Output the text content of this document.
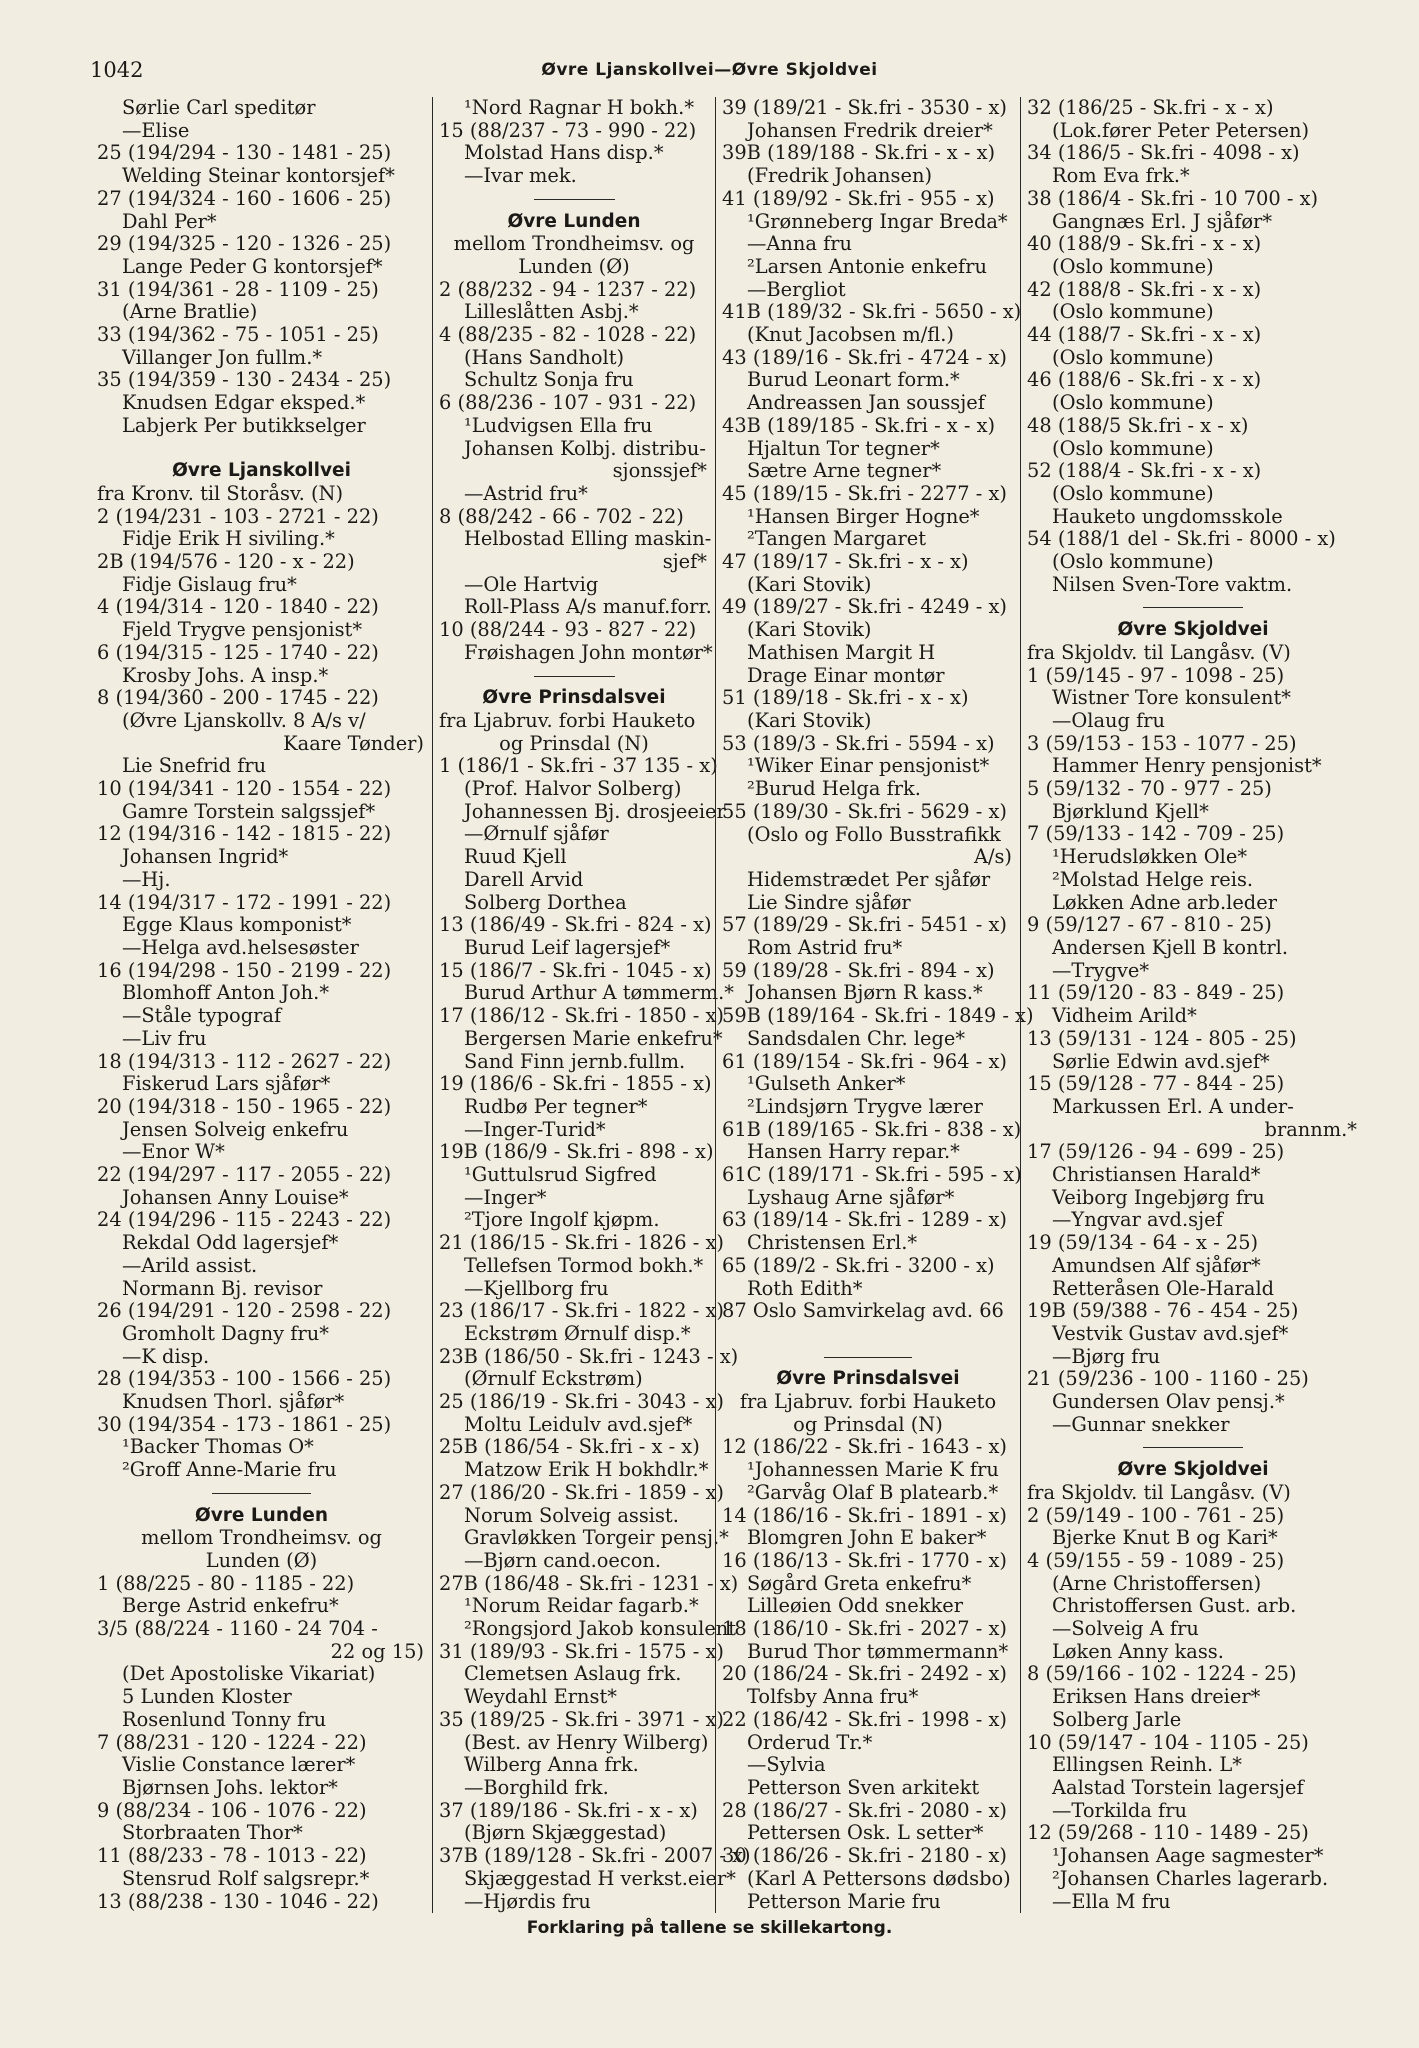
1042	Øvre Ljanskollvei—Øvre Skjoldvei
Sørlie Carl speditør
—Elise
25 (194/294 - 130 - 1481 - 25)
Welding Steinar kontorsjef*
27 (194/324 - 160 - 1606 - 25)
Dahl Per*
29 (194/325 - 120 - 1326 - 25)
Lange Peder G kontorsjef*
31 (194/361 - 28 - 1109 - 25)
(Arne Bratlie)
33 (194/362 - 75 - 1051 - 25)
Villanger Jon fullm.*
35 (194/359 - 130 - 2434 - 25)
Knudsen Edgar eksped.*
Labjerk Per butikkselger
Øvre Ljanskollvei
fra Kronv. til Storåsv. (N)
2 (194/231 - 103 - 2721 - 22)
Fidje Erik H siviling.*
2B (194/576 - 120 - x - 22)
Fidje Gislaug fru*
4 (194/314 - 120 - 1840 - 22)
Fjeld Trygve pensjonist*
6 (194/315 - 125 - 1740 - 22)
Krosby Johs. A insp.*
8 (194/360 - 200 - 1745 - 22)
(Øvre Ljanskollv. 8 A/s v/
Kaare Tønder)
Lie Snefrid fru
10 (194/341 - 120 - 1554 - 22)
Gamre Torstein salgssjef*
12 (194/316 - 142 - 1815 - 22)
Johansen Ingrid*
—Hj.
14 (194/317 - 172 - 1991 - 22)
Egge Klaus komponist*
—Helga avd.helsesøster
16 (194/298 - 150 - 2199 - 22)
Blomhoff Anton Joh.*
—Ståle typograf
—Liv fru
18 (194/313 - 112 - 2627 - 22)
Fiskerud Lars sjåfør*
20 (194/318 - 150 - 1965 - 22)
Jensen Solveig enkefru
—Enor W*
22 (194/297 - 117 - 2055 - 22)
Johansen Anny Louise*
24 (194/296 - 115 - 2243 - 22)
Rekdal Odd lagersjef*
—Arild assist.
Normann Bj. revisor
26 (194/291 - 120 - 2598 - 22)
Gromholt Dagny fru*
—K disp.
28 (194/353 - 100 - 1566 - 25)
Knudsen Thorl. sjåfør*
30 (194/354 - 173 - 1861 - 25)
¹Backer Thomas O*
²Groff Anne-Marie fru
Øvre Lunden
mellom Trondheimsv. og
Lunden (Ø)
1 (88/225 - 80 - 1185 - 22)
Berge Astrid enkefru*
3/5 (88/224 - 1160 - 24 704 -
22 og 15)
(Det Apostoliske Vikariat)
5 Lunden Kloster
Rosenlund Tonny fru
7 (88/231 - 120 - 1224 - 22)
Vislie Constance lærer*
Bjørnsen Johs. lektor*
9 (88/234 - 106 - 1076 - 22)
Storbraaten Thor*
11 (88/233 - 78 - 1013 - 22)
Stensrud Rolf salgsrepr.*
13 (88/238 - 130 - 1046 - 22)
¹Nord Ragnar H bokh.*
15 (88/237 - 73 - 990 - 22)
Molstad Hans disp.*
—Ivar mek.
Øvre Lunden
mellom Trondheimsv. og
Lunden (Ø)
2 (88/232 - 94 - 1237 - 22)
Lilleslåtten Asbj.*
4 (88/235 - 82 - 1028 - 22)
(Hans Sandholt)
Schultz Sonja fru
6 (88/236 - 107 - 931 - 22)
¹Ludvigsen Ella fru
Johansen Kolbj. distribu-
sjonssjef*
—Astrid fru*
8 (88/242 - 66 - 702 - 22)
Helbostad Elling maskin-
sjef*
—Ole Hartvig
Roll-Plass A/s manuf.forr.
10 (88/244 - 93 - 827 - 22)
Frøishagen John montør*
Øvre Prinsdalsvei
fra Ljabruv. forbi Hauketo
og Prinsdal (N)
1 (186/1 - Sk.fri - 37 135 - x)
(Prof. Halvor Solberg)
Johannessen Bj. drosjeeier
—Ørnulf sjåfør
Ruud Kjell
Darell Arvid
Solberg Dorthea
13 (186/49 - Sk.fri - 824 - x)
Burud Leif lagersjef*
15 (186/7 - Sk.fri - 1045 - x)
Burud Arthur A tømmerm.*
17 (186/12 - Sk.fri - 1850 - x)
Bergersen Marie enkefru*
Sand Finn jernb.fullm.
19 (186/6 - Sk.fri - 1855 - x)
Rudbø Per tegner*
—Inger-Turid*
19B (186/9 - Sk.fri - 898 - x)
¹Guttulsrud Sigfred
—Inger*
²Tjore Ingolf kjøpm.
21 (186/15 - Sk.fri - 1826 - x)
Tellefsen Tormod bokh.*
—Kjellborg fru
23 (186/17 - Sk.fri - 1822 - x)
Eckstrøm Ørnulf disp.*
23B (186/50 - Sk.fri - 1243 - x)
(Ørnulf Eckstrøm)
25 (186/19 - Sk.fri - 3043 - x)
Moltu Leidulv avd.sjef*
25B (186/54 - Sk.fri - x - x)
Matzow Erik H bokhdlr.*
27 (186/20 - Sk.fri - 1859 - x)
Norum Solveig assist.
Gravløkken Torgeir pensj.*
—Bjørn cand.oecon.
27B (186/48 - Sk.fri - 1231 - x)
¹Norum Reidar fagarb.*
²Rongsjord Jakob konsulent
31 (189/93 - Sk.fri - 1575 - x)
Clemetsen Aslaug frk.
Weydahl Ernst*
35 (189/25 - Sk.fri - 3971 - x)
(Best. av Henry Wilberg)
Wilberg Anna frk.
—Borghild frk.
37 (189/186 - Sk.fri - x - x)
(Bjørn Skjæggestad)
37B (189/128 - Sk.fri - 2007 - x)
Skjæggestad H verkst.eier*
—Hjørdis fru
39 (189/21 - Sk.fri - 3530 - x)
Johansen Fredrik dreier*
39B (189/188 - Sk.fri - x - x)
(Fredrik Johansen)
41 (189/92 - Sk.fri - 955 - x)
¹Grønneberg Ingar Breda*
—Anna fru
²Larsen Antonie enkefru
—Bergliot
41B (189/32 - Sk.fri - 5650 - x)
(Knut Jacobsen m/fl.)
43 (189/16 - Sk.fri - 4724 - x)
Burud Leonart form.*
Andreassen Jan soussjef
43B (189/185 - Sk.fri - x - x)
Hjaltun Tor tegner*
Sætre Arne tegner*
45 (189/15 - Sk.fri - 2277 - x)
¹Hansen Birger Hogne*
²Tangen Margaret
47 (189/17 - Sk.fri - x - x)
(Kari Stovik)
49 (189/27 - Sk.fri - 4249 - x)
(Kari Stovik)
Mathisen Margit H
Drage Einar montør
51 (189/18 - Sk.fri - x - x)
(Kari Stovik)
53 (189/3 - Sk.fri - 5594 - x)
¹Wiker Einar pensjonist*
²Burud Helga frk.
55 (189/30 - Sk.fri - 5629 - x)
(Oslo og Follo Busstrafikk
A/s)
Hidemstrædet Per sjåfør
Lie Sindre sjåfør
57 (189/29 - Sk.fri - 5451 - x)
Rom Astrid fru*
59 (189/28 - Sk.fri - 894 - x)
Johansen Bjørn R kass.*
59B (189/164 - Sk.fri - 1849 - x)
Sandsdalen Chr. lege*
61 (189/154 - Sk.fri - 964 - x)
¹Gulseth Anker*
²Lindsjørn Trygve lærer
61B (189/165 - Sk.fri - 838 - x)
Hansen Harry repar.*
61C (189/171 - Sk.fri - 595 - x)
Lyshaug Arne sjåfør*
63 (189/14 - Sk.fri - 1289 - x)
Christensen Erl.*
65 (189/2 - Sk.fri - 3200 - x)
Roth Edith*
87 Oslo Samvirkelag avd. 66
Øvre Prinsdalsvei
fra Ljabruv. forbi Hauketo
og Prinsdal (N)
12 (186/22 - Sk.fri - 1643 - x)
¹Johannessen Marie K fru
²Garvåg Olaf B platearb.*
14 (186/16 - Sk.fri - 1891 - x)
Blomgren John E baker*
16 (186/13 - Sk.fri - 1770 - x)
Søgård Greta enkefru*
Lilleøien Odd snekker
18 (186/10 - Sk.fri - 2027 - x)
Burud Thor tømmermann*
20 (186/24 - Sk.fri - 2492 - x)
Tolfsby Anna fru*
22 (186/42 - Sk.fri - 1998 - x)
Orderud Tr.*
—Sylvia
Petterson Sven arkitekt
28 (186/27 - Sk.fri - 2080 - x)
Pettersen Osk. L setter*
30 (186/26 - Sk.fri - 2180 - x)
(Karl A Pettersons dødsbo)
Petterson Marie fru
32 (186/25 - Sk.fri - x - x)
(Lok.fører Peter Petersen)
34 (186/5 - Sk.fri - 4098 - x)
Rom Eva frk.*
38 (186/4 - Sk.fri - 10 700 - x)
Gangnæs Erl. J sjåfør*
40 (188/9 - Sk.fri - x - x)
(Oslo kommune)
42 (188/8 - Sk.fri - x - x)
(Oslo kommune)
44 (188/7 - Sk.fri - x - x)
(Oslo kommune)
46 (188/6 - Sk.fri - x - x)
(Oslo kommune)
48 (188/5 Sk.fri - x - x)
(Oslo kommune)
52 (188/4 - Sk.fri - x - x)
(Oslo kommune)
Hauketo ungdomsskole
54 (188/1 del - Sk.fri - 8000 - x)
(Oslo kommune)
Nilsen Sven-Tore vaktm.
Øvre Skjoldvei
fra Skjoldv. til Langåsv. (V)
1 (59/145 - 97 - 1098 - 25)
Wistner Tore konsulent*
—Olaug fru
3 (59/153 - 153 - 1077 - 25)
Hammer Henry pensjonist*
5 (59/132 - 70 - 977 - 25)
Bjørklund Kjell*
7 (59/133 - 142 - 709 - 25)
¹Herudsløkken Ole*
²Molstad Helge reis.
Løkken Adne arb.leder
9 (59/127 - 67 - 810 - 25)
Andersen Kjell B kontrl.
—Trygve*
11 (59/120 - 83 - 849 - 25)
Vidheim Arild*
13 (59/131 - 124 - 805 - 25)
Sørlie Edwin avd.sjef*
15 (59/128 - 77 - 844 - 25)
Markussen Erl. A under-
brannm.*
17 (59/126 - 94 - 699 - 25)
Christiansen Harald*
Veiborg Ingebjørg fru
—Yngvar avd.sjef
19 (59/134 - 64 - x - 25)
Amundsen Alf sjåfør*
Retteråsen Ole-Harald
19B (59/388 - 76 - 454 - 25)
Vestvik Gustav avd.sjef*
—Bjørg fru
21 (59/236 - 100 - 1160 - 25)
Gundersen Olav pensj.*
—Gunnar snekker
Øvre Skjoldvei
fra Skjoldv. til Langåsv. (V)
2 (59/149 - 100 - 761 - 25)
Bjerke Knut B og Kari*
4 (59/155 - 59 - 1089 - 25)
(Arne Christoffersen)
Christoffersen Gust. arb.
—Solveig A fru
Løken Anny kass.
8 (59/166 - 102 - 1224 - 25)
Eriksen Hans dreier*
Solberg Jarle
10 (59/147 - 104 - 1105 - 25)
Ellingsen Reinh. L*
Aalstad Torstein lagersjef
—Torkilda fru
12 (59/268 - 110 - 1489 - 25)
¹Johansen Aage sagmester*
²Johansen Charles lagerarb.
—Ella M fru
Forklaring på tallene se skillekartong.
